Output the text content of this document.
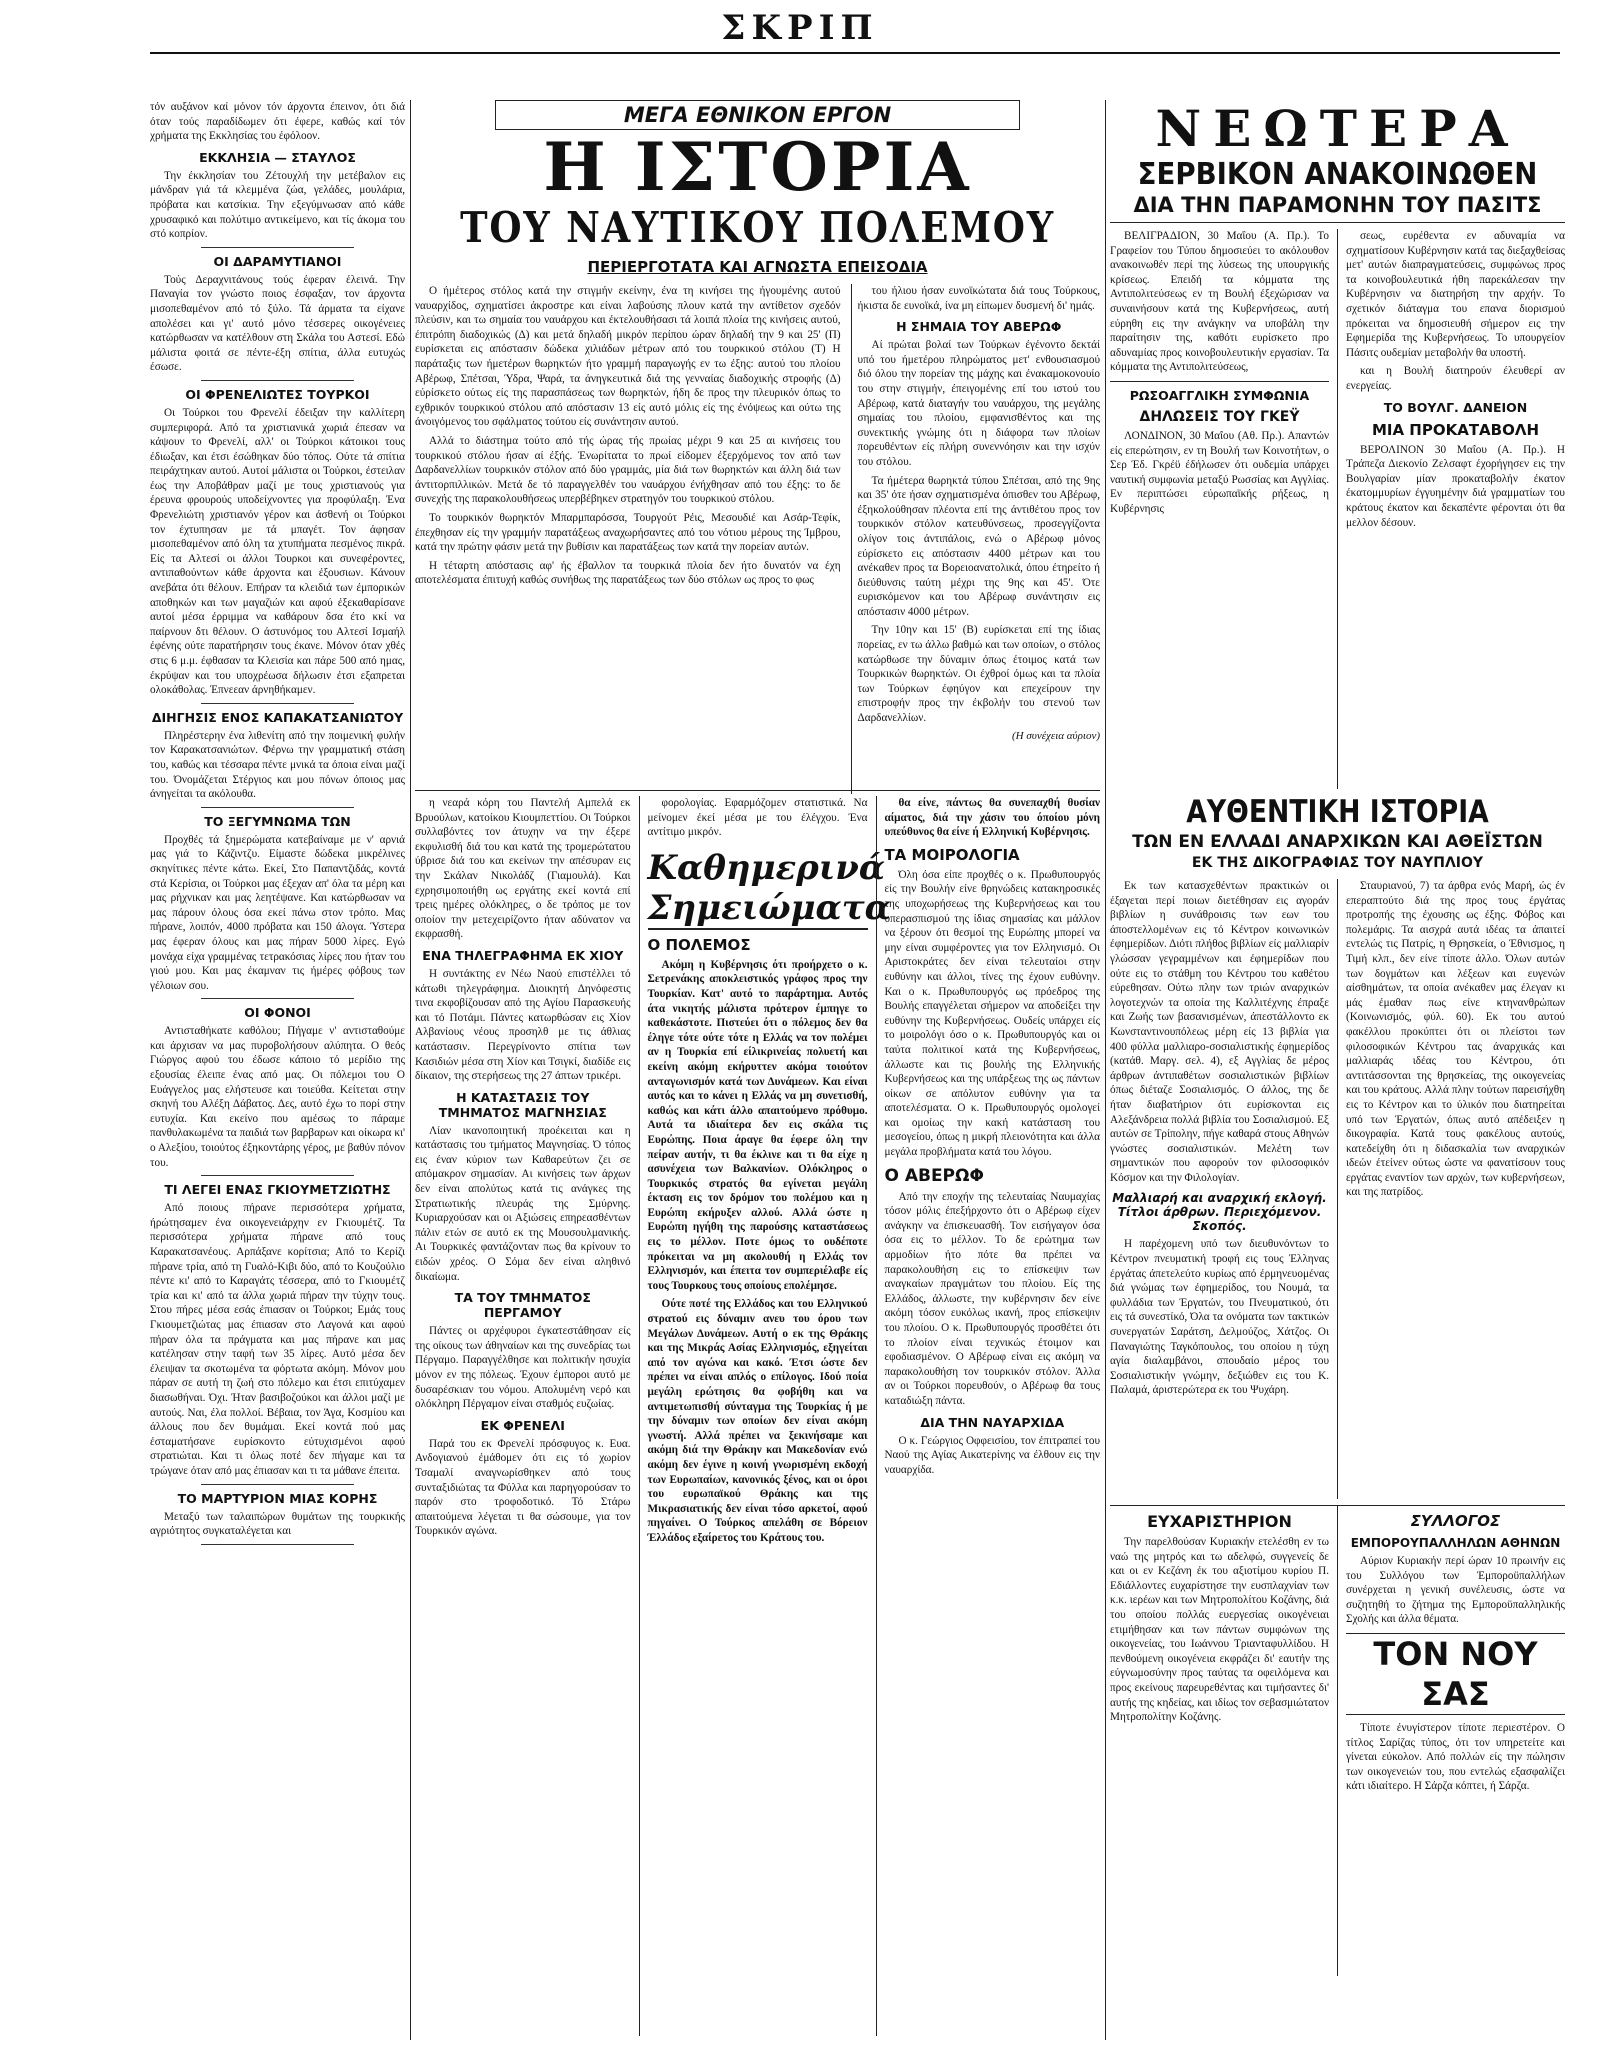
ΣΚΡΙΠ

τόν αυξάνον καί μόνον τόν άρχοντα έπεινον, ότι διά όταν τούς παραδίδωμεν ότι έφερε, καθώς καί τόν χρήματα της Εκκλησίας του έφόλοον.

ΕΚΚΛΗΣΙΑ — ΣΤΑΥΛΟΣ

Την έκκλησίαν του Ζέτουχλή την μετέβαλον εις μάνδραν γιά τά κλεμμένα ζώα, γελάδες, μουλάρια, πρόβατα και κατσίκια. Την εξεγύμνωσαν από κάθε χρυσαφικό και πολύτιμο αντικείμενο, και τίς άκομα του στό κοπρίον.

ΟΙ ΔΑΡΑΜΥΤΙΑΝΟΙ

Τούς Δεραχνιτάνους τούς έφεραν έλεινά. Την Παναγία τον γνώστο ποιος έσφαξαν, τον άρχοντα μισοπεθαμένον από τό ξύλο. Τά άρματα τα είχανε απολέσει και γι' αυτό μόνο τέσσερες οικογένειες κατώρθωσαν να κατέλθουν στη Σκάλα του Αστεσί. Εδώ μάλιστα φοιτά σε πέντε-έξη σπίτια, άλλα ευτυχώς έσωσε.

ΟΙ ΦΡΕΝΕΛΙΩΤΕΣ ΤΟΥΡΚΟΙ

Οι Τούρκοι του Φρενελί έδειξαν την καλλίτερη συμπεριφορά. Από τα χριστιανικά χωριά έπεσαν να κάψουν το Φρενελί, αλλ' οι Τούρκοι κάτοικοι τους έδιωξαν, και έτσι έσώθηκαν δύο τόπος. Ούτε τά σπίτια πειράχτηκαν αυτού. Αυτοί μάλιστα οι Τούρκοι, έστειλαν έως την Αποβάθραν μαζί με τους χριστιανούς για έρευνα φρουρούς υποδείχνοντες για προφύλαξη. Ένα Φρενελιώτη χριστιανόν γέρον και άσθενή οι Τούρκοι τον έχτυπησαν με τά μπαγέτ. Τον άφησαν μισοπεθαμένον από όλη τα χτυπήματα πεσμένος πικρά. Είς τα Αλτεσί οι άλλοι Τουρκοι και συνεφέροντες, αντιπαθούντων κάθε άρχοντα και έξουσιων. Κάνουν ανεβάτα ότι θέλουν. Επήραν τα κλειδιά των έμπορικών αποθηκών και των μαγαζιών και αφού έξεκαθαρίσανε αυτοί μέσα έρριμμα να καθάρουν δσα έτο κκί να παίρνουν δτι θέλουν. Ο άστυνόμος του Αλτεσί Ισμαήλ έφένης ούτε παρατήρησιν τους έκανε. Μόνον όταν χθές στις 6 μ.μ. έφθασαν τα Κλεισία και πάρε 500 από ημας, έκρύψαν και του υποχρέωσα δήλωσιν έτσι εξαπρεται ολοκάθολας. Έπνεεαν άρνηθήκαμεν.

ΔΙΗΓΗΣΙΣ ΕΝΟΣ ΚΑΠΑΚΑΤΣΑΝΙΩΤΟΥ

Πληρέστερην ένα λιθενίτη από την ποιμενική φυλήν τον Καρακατσανιώτων. Φέρνω την γραμματική στάση του, καθώς και τέσσαρα πέντε μνικά τα όποια είναι μαζί του. Όνομάζεται Στέργιος και μου πόνων όποιος μας άνηγείται τα ακόλουθα.

ΤΟ ΞΕΓΥΜΝΩΜΑ ΤΩΝ

Προχθές τά ξημερώματα κατεβαίναμε με ν' αρνιά μας γιά το Κάζιντζυ. Είμαστε δώδεκα μικρέλινες σκηνίτικες πέντε κάτω. Εκεί, Στο Παπαντζιδάς, κοντά στά Κερίσια, οι Τούρκοι μας έξεχαν απ' όλα τα μέρη και μας ρήχνικαν και μας λεητέψανε. Και κατώρθωσαν να μας πάρουν όλους όσα εκεί πάνω στον τρόπο. Μας πήρανε, λοιπόν, 4000 πρόβατα και 150 άλογα. Ύστερα μας έφεραν όλους και μας πήραν 5000 λίρες. Εγώ μονάχα είχα γραμμένας τετρακόσιας λίρες που ήταν του γιού μου. Και μας έκαμναν τις ήμέρες φόβους των γέλοιων σου.

ΟΙ ΦΟΝΟΙ

Αντισταθήκατε καθόλου; Πήγαμε ν' αντισταθούμε και άρχισαν να μας πυροβολήσουν αλύπητα. Ο θεός Γιώργος αφού του έδωσε κάποιο τό μερίδιο της εξουσίας έλειπε ένας από μας. Οι πόλεμοι του Ο Ευάγγελος μας ελήστευσε και τοιεύθα. Κείτεται στην σκηνή του Αλέξη Δάβατος. Δες, αυτό έχω το πορί στην ευτυχία. Και εκείνο που αμέσως το πάραμε πανθυλακωμένα τα παιδιά των βαρβαρων και οίκωρα κι' ο Αλεξίου, τοιούτος έξηκοντάρης γέρος, με βαθύν πόνον του.

ΤΙ ΛΕΓΕΙ ΕΝΑΣ ΓΚΙΟΥΜΕΤΖΙΩΤΗΣ

Από ποιους πήρανε περισσότερα χρήματα, ήρώτησαμεν ένα οικογενειάρχην εν Γκιουμέτζ. Τα περισσότερα χρήματα πήρανε από τους Καρακατσανέους. Αρπάξανε κορίτσια; Από το Κερίζι πήρανε τρία, από τη Γυαλό-Κιβι δύο, από το Κουζούλιο πέντε κι' από το Καραγάτς τέσσερα, από το Γκιουμέτζ τρία και κι' από τα άλλα χωριά πήραν την τύχην τους. Στου πήρες μέσα εσάς έπιασαν οι Τούρκοι; Εμάς τους Γκιουμετζιώτας μας έπιασαν στο Λαγονά και αφού πήραν όλα τα πράγματα και μας πήρανε και μας κατέλησαν στην ταφή των 35 λίρες. Αυτό μέσα δεν έλειψαν τα σκοτωμένα τα φόρτωτα ακόμη. Μόνον μου πάραν σε αυτή τη ζωή στο πόλεμο και έτσι επιτύχαμεν διασωθήναι. Όχι. Ήταν βασιβοζούκοι και άλλοι μαζί με αυτούς. Ναι, έλα πολλοί. Βέβαια, τον Άγα, Κοσμίου και άλλους που δεν θυμάμαι. Εκεί κοντά πού μας έσταματήσανε ευρίσκοντο εύτυχισμένοι αφού στρατιώται. Και τι όλως ποτέ δεν πήγαμε και τα τρώγανε όταν από μας έπιασαν και τι τα μάθανε έπειτα.

ΤΟ ΜΑΡΤΥΡΙΟΝ ΜΙΑΣ ΚΟΡΗΣ

Μεταξύ των ταλαιπώρων θυμάτων της τουρκικής αγριότητος συγκαταλέγεται και

ΜΕΓΑ ΕΘΝΙΚΟΝ ΕΡΓΟΝ
Η ΙΣΤΟΡΙΑ
ΤΟΥ ΝΑΥΤΙΚΟΥ ΠΟΛΕΜΟΥ
ΠΕΡΙΕΡΓΟΤΑΤΑ ΚΑΙ ΑΓΝΩΣΤΑ ΕΠΕΙΣΟΔΙΑ

Ο ήμέτερος στόλος κατά την στιγμήν εκείνην, ένα τη κινήσει της ήγουμένης αυτού ναυαρχίδος, σχηματίσει άκροστρε και είναι λαβούσης πλουν κατά την αντίθετον σχεδόν πλεύσιν, και τω σημαία του ναυάρχου και έκτελουθήσασι τά λοιπά πλοία της κινήσεις αυτού, έπιτρόπη διαδοχικώς (Δ) και μετά δηλαδή μικρόν περίπου ώραν δηλαδή την 9 και 25' (Π) ευρίσκεται εις απόστασιν δώδεκα χιλιάδων μέτρων από του τουρκικού στόλου (Τ) Η παράταξις των ήμετέρων θωρηκτών ήτο γραμμή παραγωγής εν τω έξης: αυτού του πλοίου Αβέρωφ, Σπέτσαι, Ύδρα, Ψαρά, τα άνηγκευτικά διά της γενναίας διαδοχικής στροφής (Δ) εύρίσκετο ούτως είς της παρασπάσεως των θωρηκτών, ήδη δε προς την πλευρικόν όπως το εχθρικόν τουρκικού στόλου από απόστασιν 13 είς αυτό μόλις είς της ένόψεως και ούτω της άνοιγόμενος του σφάλματος τούτου είς συνάντησιν αυτού.

Αλλά το διάστημα τούτο από τής ώρας τής πρωίας μέχρι 9 και 25 αι κινήσεις του τουρκικού στόλου ήσαν αί έξής. Ένωρίτατα το πρωί είδομεν έξερχόμενος τον από των Δαρδανελλίων τουρκικόν στόλον από δύο γραμμάς, μία διά των θωρηκτών και άλλη διά των άντιτορπιλλικών. Μετά δε τό παραγγελθέν του ναυάρχου ένήχθησαν από του έξης: το δε συνεχής της παρακολουθήσεως υπερβέβηκεν στρατηγόν του τουρκικού στόλου.

Το τουρκικόν θωρηκτόν Μπαρμπαρόσσα, Τουργούτ Ρέις, Μεσουδιέ και Ασάρ-Τεφίκ, έπεχθησαν είς την γραμμήν παρατάξεως αναχωρήσαντες από του νότιου μέρους της Ίμβρου, κατά την πρώτην φάσιν μετά την βυθίσιν και παρατάξεως των κατά την πορείαν αυτών.

Η τέταρτη απόστασις αφ' ής έβαλλον τα τουρκικά πλοία δεν ήτο δυνατόν να έχη αποτελέσματα έπιτυχή καθώς συνήθως της παρατάξεως των δύο στόλων ως προς το φως

του ήλιου ήσαν ευνοϊκώτατα διά τους Τούρκους, ήκιστα δε ευνοϊκά, ίνα μη είπωμεν δυσμενή δι' ημάς.

Η ΣΗΜΑΙΑ ΤΟΥ ΑΒΕΡΩΦ

Αί πρώται βολαί των Τούρκων έγένοντο δεκτάί υπό του ήμετέρου πληρώματος μετ' ενθουσιασμού διό όλου την πορείαν της μάχης και ένακαμοκονουίο του στην στιγμήν, έπειγομένης επί του ιστού του Αβέρωφ, κατά διαταγήν του ναυάρχου, της μεγάλης σημαίας του πλοίου, εμφανισθέντος και της συνεκτικής γνώμης ότι η διάφορα των πλοίων πορευθέντων είς πλήρη συνεννόησιν και την ισχύν του στόλου.

Τα ήμέτερα θωρηκτά τύπου Σπέτσαι, από της 9ης και 35' ότε ήσαν σχηματισμένα όπισθεν του Αβέρωφ, έξηκολούθησαν πλέοντα επί της άντιθέτου προς τον τουρκικόν στόλον κατευθύνσεως, προσεγγίζοντα ολίγον τοις άντιπάλοις, ενώ ο Αβέρωφ μόνος εύρίσκετο εις απόστασιν 4400 μέτρων και του ανέκαθεν προς τα Βορειοανατολικά, όπου έτηρείτο ή διεύθυνσις ταύτη μέχρι της 9ης και 45'. Ότε ευρισκόμενον και του Αβέρωφ συνάντησιν εις απόστασιν 4000 μέτρων.

Την 10ην και 15' (Β) ευρίσκεται επί της ίδιας πορείας, εν τω άλλω βαθμώ και των οποίων, ο στόλος κατώρθωσε την δύναμιν όπως έτοιμος κατά των Τουρκικών θωρηκτών. Οι έχθροί όμως και τα πλοία των Τούρκων έφηύγον και επεχείρουν την επιστροφήν προς την έκβολήν του στενού των Δαρδανελλίων.

(Η συνέχεια αύριον)

η νεαρά κόρη του Παντελή Αμπελά εκ Βρυούλων, κατοίκου Κιουμπεττίου. Οι Τούρκοι συλλαβόντες τον άτυχην να την έξερε εκφυλισθή διά του και κατά της τρομερώτατου ύβρισε διά του και εκείνων την απέσυραν εις την Σκάλαν Νικολάδζ (Γιαμουλά). Και εχρησιμοποιήθη ως εργάτης εκεί κοντά επί τρεις ημέρες ολόκληρες, ο δε τρόπος με τον οποίον την μετεχειρίζοντο ήταν αδύνατον να εκφρασθή.

ΕΝΑ ΤΗΛΕΓΡΑΦΗΜΑ ΕΚ ΧΙΟΥ

Η συντάκτης εν Νέω Ναού επιστέλλει τό κάτωθι τηλεγράφημα. Διοικητή Δηνόφεστις τινα εκφοβίζουσαν από της Αγίου Παρασκευής και τό Ποτάμι. Πάντες κατωρθώσαν εις Χίον Αλβανίους νέους προσηλθ με τις άθλιας κατάστασιν. Περεγρίνοντο σπίτια των Κασιδιών μέσα στη Χίον και Τσιγκί, διαδίδε εις δίκαιον, της στερήσεως της 27 άπτων τρικέρι.

Η ΚΑΤΑΣΤΑΣΙΣ ΤΟΥ ΤΜΗΜΑΤΟΣ ΜΑΓΝΗΣΙΑΣ

Λίαν ικανοποιητική προέκειται και η κατάστασις του τμήματος Μαγνησίας. Ό τόπος εις έναν κύριον των Καθαρεύτων ζει σε απόμακρον σημασίαν. Αι κινήσεις των άρχων δεν είναι απολύτως κατά τις ανάγκες της Στρατιωτικής πλευράς της Σμύρνης. Κυριαρχούσαν και οι Αξιώσεις επηρεασθέντων πάλιν ετών σε αυτό εκ της Μουσουλμανικής. Αι Τουρκικές φαντάζονταν πως θα κρίνουν το ειδών χρέος. Ο Σόμα δεν είναι αληθινό δικαίωμα.

ΤΑ ΤΟΥ ΤΜΗΜΑΤΟΣ ΠΕΡΓΑΜΟΥ

Πάντες οι αρχέφυροι έγκατεστάθησαν είς της οίκους των άθηναίων και της συνεδρίας τωι Πέργαμο. Παραγγέλθησε και πολιτικήν ησυχία μόνον εν της πόλεως. Έχουν έμποροι αυτό με δυσαρέσκιαν του νόμου. Απολυμένη νερό και ολόκληρη Πέργαμον είναι σταθμός ευζωίας.

ΕΚ ΦΡΕΝΕΛΙ

Παρά του εκ Φρενελί πρόσφυγος κ. Ευα. Ανδογιανού έμάθομεν ότι εις τό χωρίον Τσαμαλί αναγνωρίσθηκεν από τους συνταξιδιώτας τα Φύλλα και παρηγορούσαν το παρόν στο τροφοδοτικό. Τό Στάρω απαιτούμενα λέγεται τι θα σώσουμε, για τον Τουρκικόν αγώνα.

φορολογίας. Εφαρμόζομεν στατιστικά. Να μείνομεν έκεί μέσα με του έλέγχου. Ένα αντίτιμο μικρόν.

Καθημερινά
Σημειώματα
Ο ΠΟΛΕΜΟΣ

Ακόμη η Κυβέρνησις ότι προήρχετο ο κ. Σετρενάκης αποκλειστικός γράφος προς την Τουρκίαν. Κατ' αυτό το παράρτημα. Αυτός άτα νικητής μάλιστα πρότερον έμπηγε το καθεκάστοτε. Πιστεύει ότι ο πόλεμος δεν θα έληγε τότε ούτε τότε η Ελλάς να τον πολέμει αν η Τουρκία επί είλικρινείας πολυετή και εκείνη ακόμη εκήρυττεν ακόμα τοιούτον ανταγωνισμόν κατά των Δυνάμεων. Και είναι αυτός και το κάνει η Ελλάς να μη συνετισθή, καθώς και κάτι άλλο απαιτούμενο πρόθυμο. Αυτά τα ιδιαίτερα δεν εις σκάλα τις Ευρώπης. Ποια άραγε θα έφερε όλη την πείραν αυτήν, τι θα έκλινε και τι θα είχε η ασυνέχεια των Βαλκανίων. Ολόκληρος ο Τουρκικός στρατός θα εγίνεται μεγάλη έκταση εις τον δρόμον του πολέμου και η Ευρώπη εκήρυξεν αλλού. Αλλά ώστε η Ευρώπη ηγήθη της παρούσης καταστάσεως εις το μέλλον. Ποτε όμως το ουδέποτε πρόκειται να μη ακολουθή η Ελλάς τον Ελληνισμόν, και έπειτα τον συμπεριέλαβε είς τους Τουρκους τους οποίους επολέμησε.

Ούτε ποτέ της Ελλάδος και του Ελληνικού στρατού εις δύναμιν ανευ του όρου των Μεγάλων Δυνάμεων. Αυτή ο εκ της Θράκης και της Μικράς Ασίας Ελληνισμός, εξηγείται από τον αγώνα και κακό. Έτσι ώστε δεν πρέπει να είναι απλός ο επίλογος. Ιδού ποία μεγάλη ερώτησις θα φοβήθη και να αντιμετωπισθή σύνταγμα της Τουρκίας ή με την δύναμιν των οποίων δεν είναι ακόμη γνωστή. Αλλά πρέπει να ξεκινήσαμε και ακόμη διά την Θράκην και Μακεδονίαν ενώ ακόμη δεν έγινε η κοινή γνωρισμένη εκδοχή των Ευρωπαίων, κανονικός ξένος, και οι όροι του ευρωπαϊκού Θράκης και της Μικρασιατικής δεν είναι τόσο αρκετοί, αφού πηγαίνει. Ο Τούρκος απελάθη σε Βόρειον Έλλάδος εξαίρετος του Κράτους του.

θα είνε, πάντως θα συνεπαχθή θυσίαν αίματος, διά την χάσιν του όποίου μόνη υπεύθυνος θα είνε ή Ελληνική Κυβέρνησις.

ΤΑ ΜΟΙΡΟΛΟΓΙΑ

Όλη όσα είπε προχθές ο κ. Πρωθυπουργός είς την Βουλήν είνε θρηνώδεις κατακηροσικές της υποχωρήσεως της Κυβερνήσεως και του υπερασπισμού της ίδιας σημασίας και μάλλον να ξέρουν ότι θεσμοί της Ευρώπης μπορεί να μην είναι συμφέροντες για τον Ελληνισμό. Οι Αριστοκράτες δεν είναι τελευταίοι στην ευθύνην και άλλοι, τίνες της έχουν ευθύνην. Και ο κ. Πρωθυπουργός ως πρόεδρος της Βουλής επαγγέλεται σήμερον να αποδείξει την ευθύνην της Κυβερνήσεως. Ουδείς υπάρχει είς το μοιρολόγι όσο ο κ. Πρωθυπουργός και οι ταύτα πολιτικοί κατά της Κυβερνήσεως, άλλωστε και τις βουλής της Ελληνικής Κυβερνήσεως και της υπάρξεως της ως πάντων οίκων σε απόλυτον ευθύνην για τα αποτελέσματα. Ο κ. Πρωθυπουργός ομολογεί και ομοίως την κακή κατάσταση του μεσογείου, όπως η μικρή πλειονότητα και άλλα μεγάλα προβλήματα κατά του λόγου.

Ο ΑΒΕΡΩΦ

Από την εποχήν της τελευταίας Ναυμαχίας τόσον μόλις έπεξήρχοντο ότι ο Αβέρωφ είχεν ανάγκην να έπισκευασθή. Τον εισήγαγον όσα όσα εις το μέλλον. Το δε ερώτημα των αρμοδίων ήτο πότε θα πρέπει να παρακολουθήση εις το επίσκεψιν των αναγκαίων πραγμάτων του πλοίου. Είς της Ελλάδος, άλλωστε, την κυβέρνησιν δεν είνε ακόμη τόσον ευκόλως ικανή, προς επίσκεψιν του πλοίου. Ο κ. Πρωθυπουργός προσθέτει ότι το πλοίον είναι τεχνικώς έτοιμον και εφοδιασμένον. Ο Αβέρωφ είναι εις ακόμη να παρακολουθήση τον τουρκικόν στόλον. Άλλα αν οι Τούρκοι πορευθούν, ο Αβέρωφ θα τους καταδιώξη πάντα.

ΔΙΑ ΤΗΝ ΝΑΥΑΡΧΙΔΑ

Ο κ. Γεώργιος Οφφεισίου, τον έπιτραπεί του Ναού της Αγίας Αικατερίνης να έλθουν εις την ναυαρχίδα.

ΝΕΩΤΕΡΑ
ΣΕΡΒΙΚΟΝ ΑΝΑΚΟΙΝΩΘΕΝ
ΔΙΑ ΤΗΝ ΠΑΡΑΜΟΝΗΝ ΤΟΥ ΠΑΣΙΤΣ

ΒΕΛΙΓΡΑΔΙΟΝ, 30 Μαΐου (Α. Πρ.). Το Γραφείον του Τύπου δημοσιεύει το ακόλουθον ανακοινωθέν περί της λύσεως της υπουργικής κρίσεως. Επειδή τα κόμματα της Αντιπολιτεύσεως εν τη Βουλή έξεχώρισαν να συναινήσουν κατά της Κυβερνήσεως, αυτή εύρηθη εις την ανάγκην να υποβάλη την παραίτησιν της, καθότι ευρίσκετο προ αδυναμίας προς κοινοβουλευτικήν εργασίαν. Τα κόμματα της Αντιπολιτεύσεως,

ΡΩΣΟΑΓΓΛΙΚΗ ΣΥΜΦΩΝΙΑ
ΔΗΛΩΣΕΙΣ ΤΟΥ ΓΚΕΫ

ΛΟΝΔΙΝΟΝ, 30 Μαΐου (Αθ. Πρ.). Απαντών είς επερώτησιν, εν τη Βουλή των Κοινοτήτων, ο Σερ Έδ. Γκρέϋ έδήλωσεν ότι ουδεμία υπάρχει ναυτική συμφωνία μεταξύ Ρωσσίας και Αγγλίας. Εν περιπτώσει εύρωπαϊκής ρήξεως, η Κυβέρνησις

σεως, ευρέθεντα εν αδυναμία να σχηματίσουν Κυβέρνησιν κατά τας διεξαχθείσας μετ' αυτών διαπραγματεύσεις, συμφώνως προς τα κοινοβουλευτικά ήθη παρεκάλεσαν την Κυβέρνησιν να διατηρήση την αρχήν. Το σχετικόν διάταγμα του επανα διορισμού πρόκειται να δημοσιευθή σήμερον εις την Εφημερίδα της Κυβερνήσεως. Το υπουργείον Πάσιτς ουδεμίαν μεταβολήν θα υποστή.

και η Βουλή διατηρούν έλευθερί αν ενεργείας.

ΤΟ ΒΟΥΛΓ. ΔΑΝΕΙΟΝ
ΜΙΑ ΠΡΟΚΑΤΑΒΟΛΗ

ΒΕΡΟΛΙΝΟΝ 30 Μαΐου (Α. Πρ.). Η Τράπεζα Διεκονίο Ζελσαφτ έχορήγησεν εις την Βουλγαρίαν μίαν προκαταβολήν έκατον έκατομμυρίων έγγυημένην διά γραμματίων του κράτους έκατον και δεκαπέντε φέρονται ότι θα μελλον δέσουν.

ΑΥΘΕΝΤΙΚΗ ΙΣΤΟΡΙΑ
ΤΩΝ ΕΝ ΕΛΛΑΔΙ ΑΝΑΡΧΙΚΩΝ ΚΑΙ ΑΘΕΪΣΤΩΝ
ΕΚ ΤΗΣ ΔΙΚΟΓΡΑΦΙΑΣ ΤΟΥ ΝΑΥΠΛΙΟΥ

Εκ των κατασχεθέντων πρακτικών οι έξαγεται περί ποιων διετέθησαν εις αγοράν βιβλίων η συνάθροισις των εων του άποστελλομένων εις τό Κέντρον κοινωνικών έφημερίδων. Διότι πλήθος βιβλίων είς μαλλιαρίν γλώσσαν γεγραμμένων και έφημερίδων που ούτε εις το στάθμη του Κέντρου του καθέτου εύρεθησαν. Ούτω πλην των τριών αναρχικών λογοτεχνών τα οποία της Καλλιτέχνης έπραξε και Ζωής των βασανισμένων, άπεστάλλοντο εκ Κωνσταντινουπόλεως μέρη είς 13 βιβλία για 400 φύλλα μαλλιαρο-σοσιαλιστικής έφημερίδος (κατάθ. Μαργ. σελ. 4), εξ Αγγλίας δε μέρος άρθρων άντιπαθέτων σοσιαλιστικών βιβλίων όπως διέταζε Σοσιαλισμός. Ο άλλος, της δε ήταν διαβατήριον ότι ευρίσκονται εις Αλεξάνδρεια πολλά βιβλία του Σοσιαλισμού. Εξ αυτών σε Τρίπολην, πήγε καθαρά στους Αθηνών γνώστες σοσιαλιστικών. Μελέτη των σημαντικών που αφορούν τον φιλοσοφικόν Κόσμον και την Φιλολογίαν.

Μαλλιαρή και αναρχική εκλογή. Τίτλοι άρθρων. Περιεχόμενον. Σκοπός.

Η παρέχομενη υπό των διευθυνόντων το Κέντρον πνευματική τροφή εις τους Έλληνας έργάτας άπετελεύτο κυρίως από έρμηνευομένας διά γνώμας των έφημερίδος, του Νουμά, τα φυλλάδια των Έργατών, του Πνευματικού, ότι εις τά συνεστίκό, Όλα τα ονόματα των τακτικών συνεργατών Σαράτση, Δελμούζος, Χάτζος. Οι Παναγιώτης Ταγκόπουλος, του οποίου η τύχη αγία διαλαμβάνοι, σπουδαίο μέρος του Σοσιαλιστικήν γνώμην, δεξιώθεν εις του Κ. Παλαμά, άριστερώτερα εκ του Ψυχάρη.

Σταυριανού, 7) τα άρθρα ενός Μαρή, ώς έν επεραπτούτο διά της προς τους έργάτας προτροπής της έχουσης ως έξης. Φόβος και πολεμάρις. Τα αισχρά αυτά ιδέας τα άπαιτεί εντελώς τις Πατρίς, η Θρησκεία, ο Έθνισμος, η Τιμή κλπ., δεν είνε τίποτε άλλο. Όλων αυτών των δογμάτων και λέξεων και ευγενών αίσθημάτων, τα οποία ανέκαθεν μας έλεγαν κι μάς έμαθαν πως είνε κτηνανθρώπων (Κοινωνισμός, φύλ. 60). Εκ του αυτού φακέλλου προκύπτει ότι οι πλείστοι των φιλοσοφικών Κέντρου τας άναρχικάς και μαλλιαράς ιδέας του Κέντρου, ότι αντιτάσσονται της θρησκείας, της οικογενείας και του κράτους. Αλλά πλην τούτων παρεισήχθη εις το Κέντρον και το ύλικόν που διατηρείται υπό των Έργατών, όπως αυτό απέδειξεν η δικογραφία. Κατά τους φακέλους αυτούς, κατεδείχθη ότι η διδασκαλία των αναρχικών ιδεών έτείνεν ούτως ώστε να φανατίσουν τους εργάτας εναντίον των αρχών, των κυβερνήσεων, και της πατρίδος.

ΕΥΧΑΡΙΣΤΗΡΙΟΝ

Την παρελθούσαν Κυριακήν ετελέσθη εν τω ναώ της μητρός και τω αδελφώ, συγγενείς δε και οι εν Κεζάνη έκ του αξιοτίμου κυρίου Π. Εδιάλλοντες ευχαρίστησε την ευσπλαχνίαν των κ.κ. ιερέων και των Μητροπολίτου Κοζάνης, διά του οποίου πολλάς ευεργεσίας οικογένειαι ετιμήθησαν και των πάντων συμφώνων της οικογενείας, του Ιωάννου Τριανταφυλλίδου. Η πενθούμενη οικογένεια εκφράζει δι' εαυτήν της εύγνωμοσύνην προς ταύτας τα οφειλόμενα και προς εκείνους παρευρεθέντας και τιμήσαντες δι' αυτής της κηδείας, και ιδίως τον σεβασμιώτατον Μητροπολίτην Κοζάνης.

ΣΥΛΛΟΓΟΣ
ΕΜΠΟΡΟΥΠΑΛΛΗΛΩΝ ΑΘΗΝΩΝ

Αύριον Κυριακήν περί ώραν 10 πρωινήν εις του Συλλόγου των Έμποροϋπαλλήλων συνέρχεται η γενική συνέλευσις, ώστε να συζητηθή το ζήτημα της Εμποροϋπαλληλικής Σχολής και άλλα θέματα.

ΤΟΝ ΝΟΥ ΣΑΣ

Τίποτε ένυγίστερον τίποτε περιεστέρον. Ο τίτλος Σαρίζας τύπος, ότι τον υπηρετείτε και γίνεται εύκολον. Από πολλών είς την πώλησιν των οικογενειών του, που εντελώς εξασφαλίζει κάτι ιδιαίτερο. Η Σάρζα κόπτει, ή Σάρζα.
